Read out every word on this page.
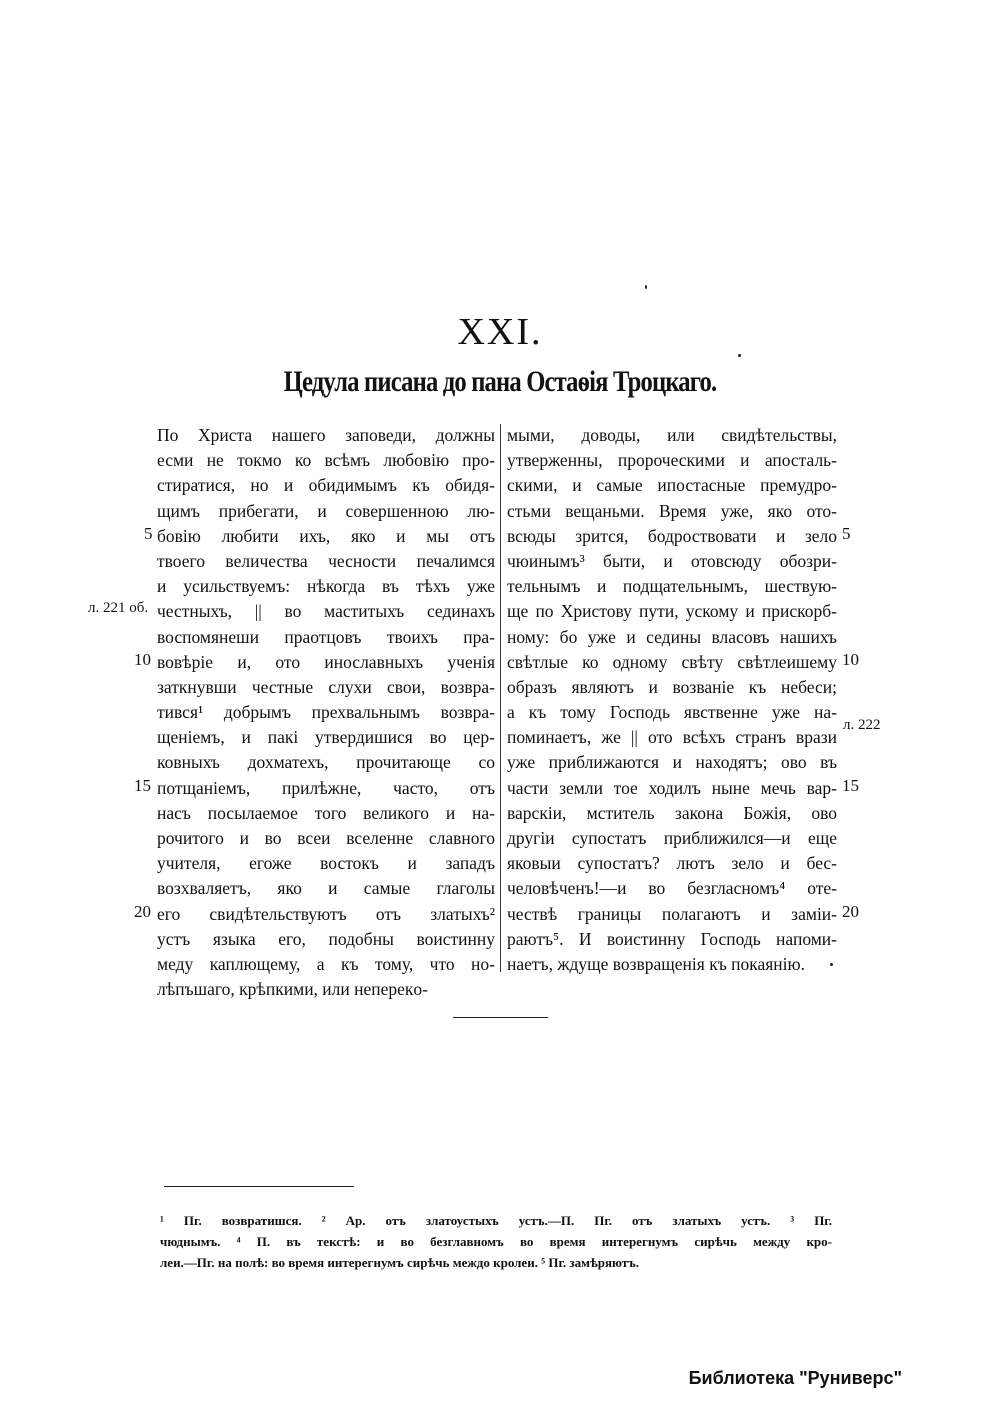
XXI.
Цедула писана до пана Остаѳія Троцкаго.
По Христа нашего заповеди, должны
есми не токмо ко всѣмъ любовію про-
стиратися, но и обидимымъ къ обидя-
щимъ прибегати, и совершенною лю-
бовію любити ихъ, яко и мы отъ
твоего величества чесности печалимся
и усильствуемъ: нѣкогда въ тѣхъ уже
честныхъ, || во маститыхъ сединахъ
воспомянеши праотцовъ твоихъ пра-
вовѣріе и, ото инославныхъ ученія
заткнувши честные слухи свои, возвра-
тився¹ добрымъ прехвальнымъ возвра-
щеніемъ, и пакі утвердишися во цер-
ковныхъ дохматехъ, прочитающе со
потщаніемъ, прилѣжне, часто, отъ
насъ посылаемое того великого и на-
рочитого и во всеи вселенне славного
учителя, егоже востокъ и западъ
возхваляетъ, яко и самые глаголы
его свидѣтельствуютъ отъ златыхъ²
устъ языка его, подобны воистинну
меду каплющему, а къ тому, что но-
лѣпъшаго, крѣпкими, или неперекo-
мыми, доводы, или свидѣтельствы,
утверженны, пророческими и апосталь-
скими, и самые ипостасные премудро-
стьми вещаньми. Время уже, яко ото-
всюды зрится, бодроствовати и зело
чюинымъ³ быти, и отовсюду обозри-
тельнымъ и подщательнымъ, шествую-
ще по Христову пути, ускому и прискорб-
ному: бо уже и седины власовъ нашихъ
свѣтлые ко одному свѣту свѣтлеишему
образъ являютъ и возваніе къ небеси;
а къ тому Господь явственне уже на-
поминаетъ, же || ото всѣхъ странъ врази
уже приближаются и находятъ; ово въ
части земли тое ходилъ ныне мечь вар-
варскіи, мститель закона Божія, ово
другіи супостатъ приближился—и еще
яковыи супостатъ? лютъ зело и бес-
человѣченъ!—и во безгласномъ⁴ оте-
чествѣ границы полагаютъ и заміи-
раютъ⁵. И воистинну Господь напоми-
наетъ, ждуще возвращенія къ покаянію.
5
10
15
20
л. 221 об.
5
10
15
20
л. 222
¹ Пг. возвратишся. ² Ар. отъ златоустыхъ устъ.—П. Пг. отъ златыхъ устъ. ³ Пг.
чюднымъ. ⁴ П. въ текстѣ: и во безглавномъ во время интерегнумъ сирѣчь между кро-
леи.—Пг. на полѣ: во время интерегнумъ сирѣчь междо кролеи. ⁵ Пг. замѣряютъ.
Библиотека "Руниверс"
